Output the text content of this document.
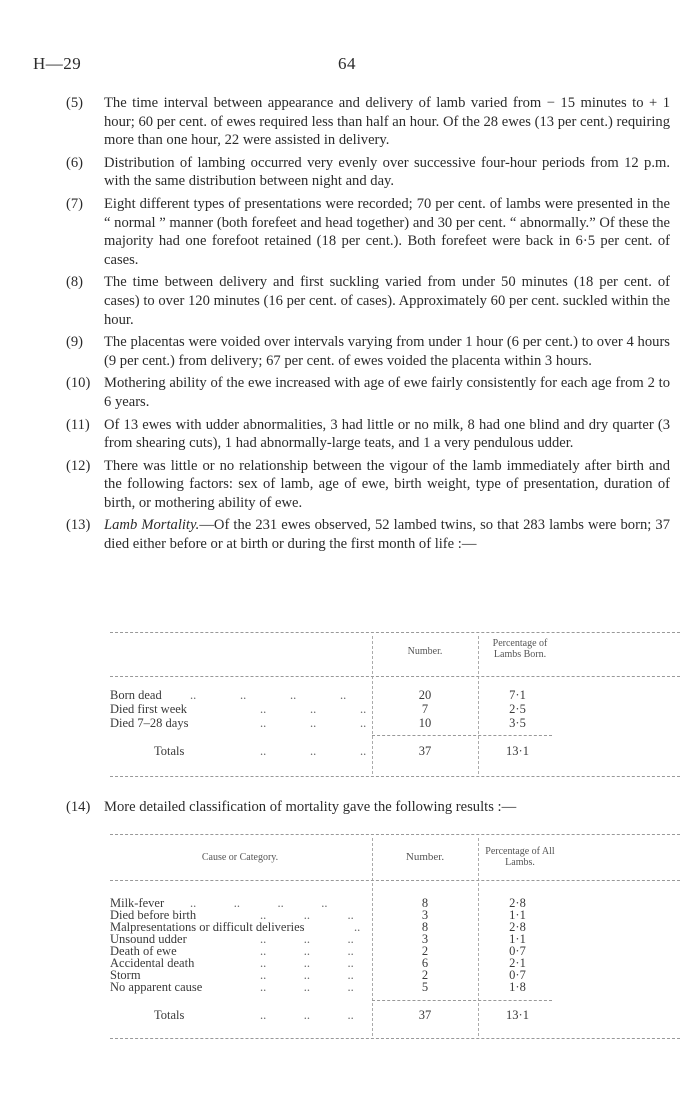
H—29	64
(5)	The time interval between appearance and delivery of lamb varied from − 15 minutes to + 1 hour; 60 per cent. of ewes required less than half an hour. Of the 28 ewes (13 per cent.) requiring more than one hour, 22 were assisted in delivery.
(6)	Distribution of lambing occurred very evenly over successive four-hour periods from 12 p.m. with the same distribution between night and day.
(7)	Eight different types of presentations were recorded; 70 per cent. of lambs were presented in the “ normal ” manner (both forefeet and head together) and 30 per cent. “ abnormally.” Of these the majority had one forefoot retained (18 per cent.). Both forefeet were back in 6·5 per cent. of cases.
(8)	The time between delivery and first suckling varied from under 50 minutes (18 per cent. of cases) to over 120 minutes (16 per cent. of cases). Approximately 60 per cent. suckled within the hour.
(9)	The placentas were voided over intervals varying from under 1 hour (6 per cent.) to over 4 hours (9 per cent.) from delivery; 67 per cent. of ewes voided the placenta within 3 hours.
(10) Mothering ability of the ewe increased with age of ewe fairly consistently for each age from 2 to 6 years.
(11) Of 13 ewes with udder abnormalities, 3 had little or no milk, 8 had one blind and dry quarter (3 from shearing cuts), 1 had abnormally-large teats, and 1 a very pendulous udder.
(12) There was little or no relationship between the vigour of the lamb immediately after birth and the following factors: sex of lamb, age of ewe, birth weight, type of presentation, duration of birth, or mothering ability of ewe.
(13) Lamb Mortality.—Of the 231 ewes observed, 52 lambed twins, so that 283 lambs were born; 37 died either before or at birth or during the first month of life :—
Number.
Percentage of Lambs Born.
Born dead ..              ..              ..              ..	20	7·1
Died first week	..              ..              ..	7	2·5
Died 7–28 days	..              ..              ..	10	3·5
Totals	..              ..              ..	37	13·1
(14) More detailed classification of mortality gave the following results :—
Cause or Category.	Number.	Percentage of All Lambs.
Milk-fever ..            ..            ..            ..	8	2·8
Died before birth	..            ..            ..	3	1·1
Malpresentations or difficult deliveries	..	8	2·8
Unsound udder	..            ..            ..	3	1·1
Death of ewe	..            ..            ..	2	0·7
Accidental death	..            ..            ..	6	2·1
Storm	..            ..            ..	2	0·7
No apparent cause	..            ..            ..	5	1·8
Totals	..            ..            ..	37	13·1
